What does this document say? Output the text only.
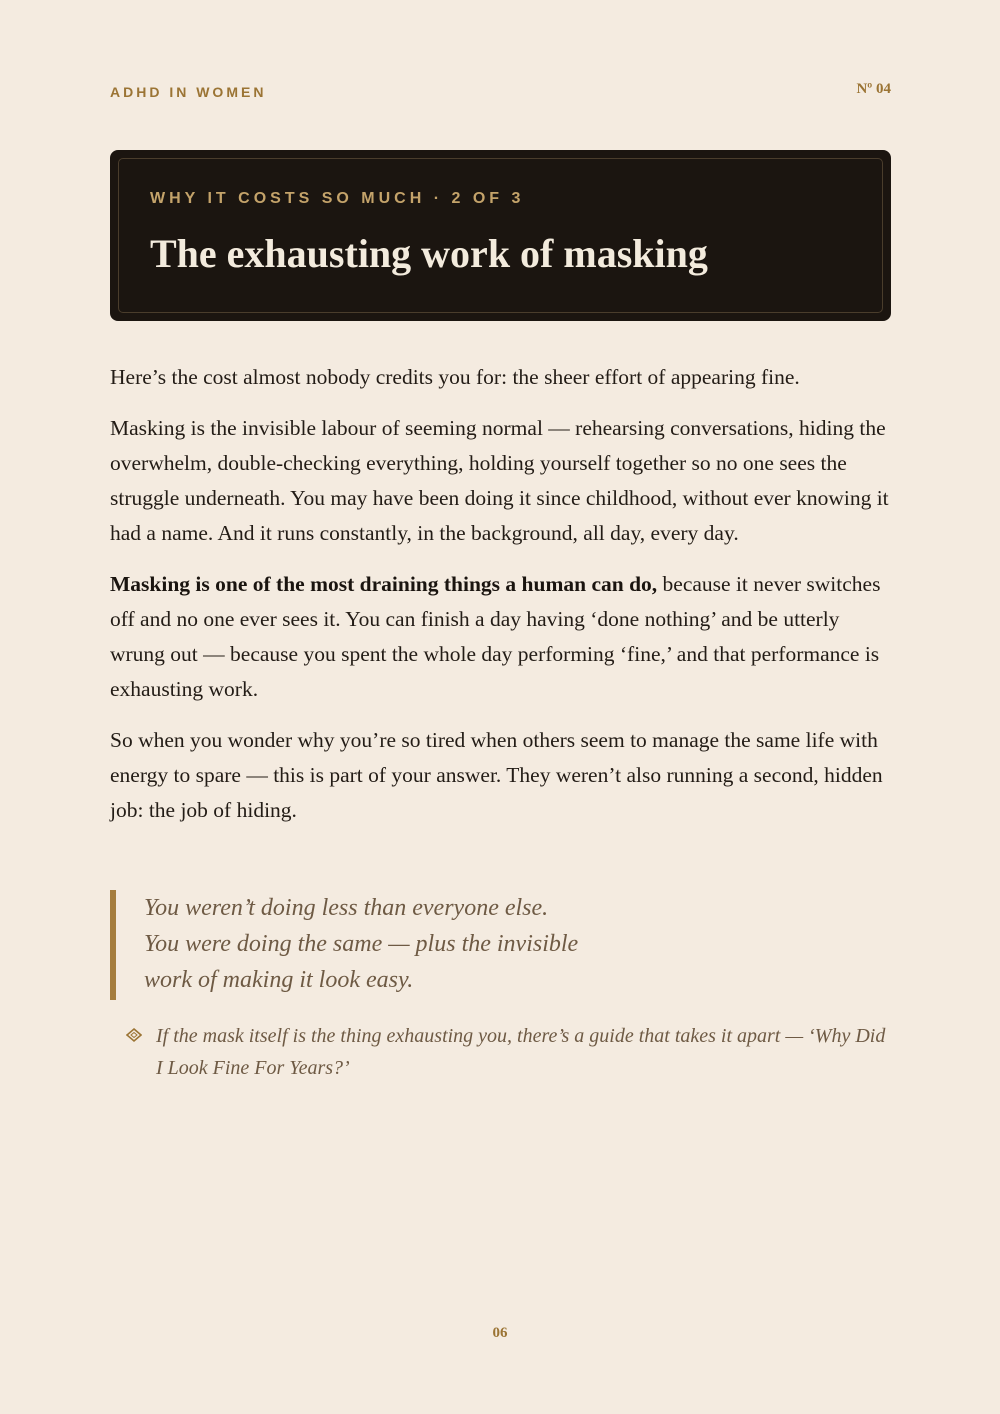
ADHD IN WOMEN	Nº 04
WHY IT COSTS SO MUCH · 2 OF 3
The exhausting work of masking

Here’s the cost almost nobody credits you for: the sheer effort of appearing fine.

Masking is the invisible labour of seeming normal — rehearsing conversations, hiding the overwhelm, double-checking everything, holding yourself together so no one sees the struggle underneath. You may have been doing it since childhood, without ever knowing it had a name. And it runs constantly, in the background, all day, every day.

Masking is one of the most draining things a human can do, because it never switches off and no one ever sees it. You can finish a day having ‘done nothing’ and be utterly wrung out — because you spent the whole day performing ‘fine,’ and that performance is exhausting work.

So when you wonder why you’re so tired when others seem to manage the same life with energy to spare — this is part of your answer. They weren’t also running a second, hidden job: the job of hiding.

You weren’t doing less than everyone else.
You were doing the same — plus the invisible
work of making it look easy.

If the mask itself is the thing exhausting you, there’s a guide that takes it apart — ‘Why Did I Look Fine For Years?’

06
